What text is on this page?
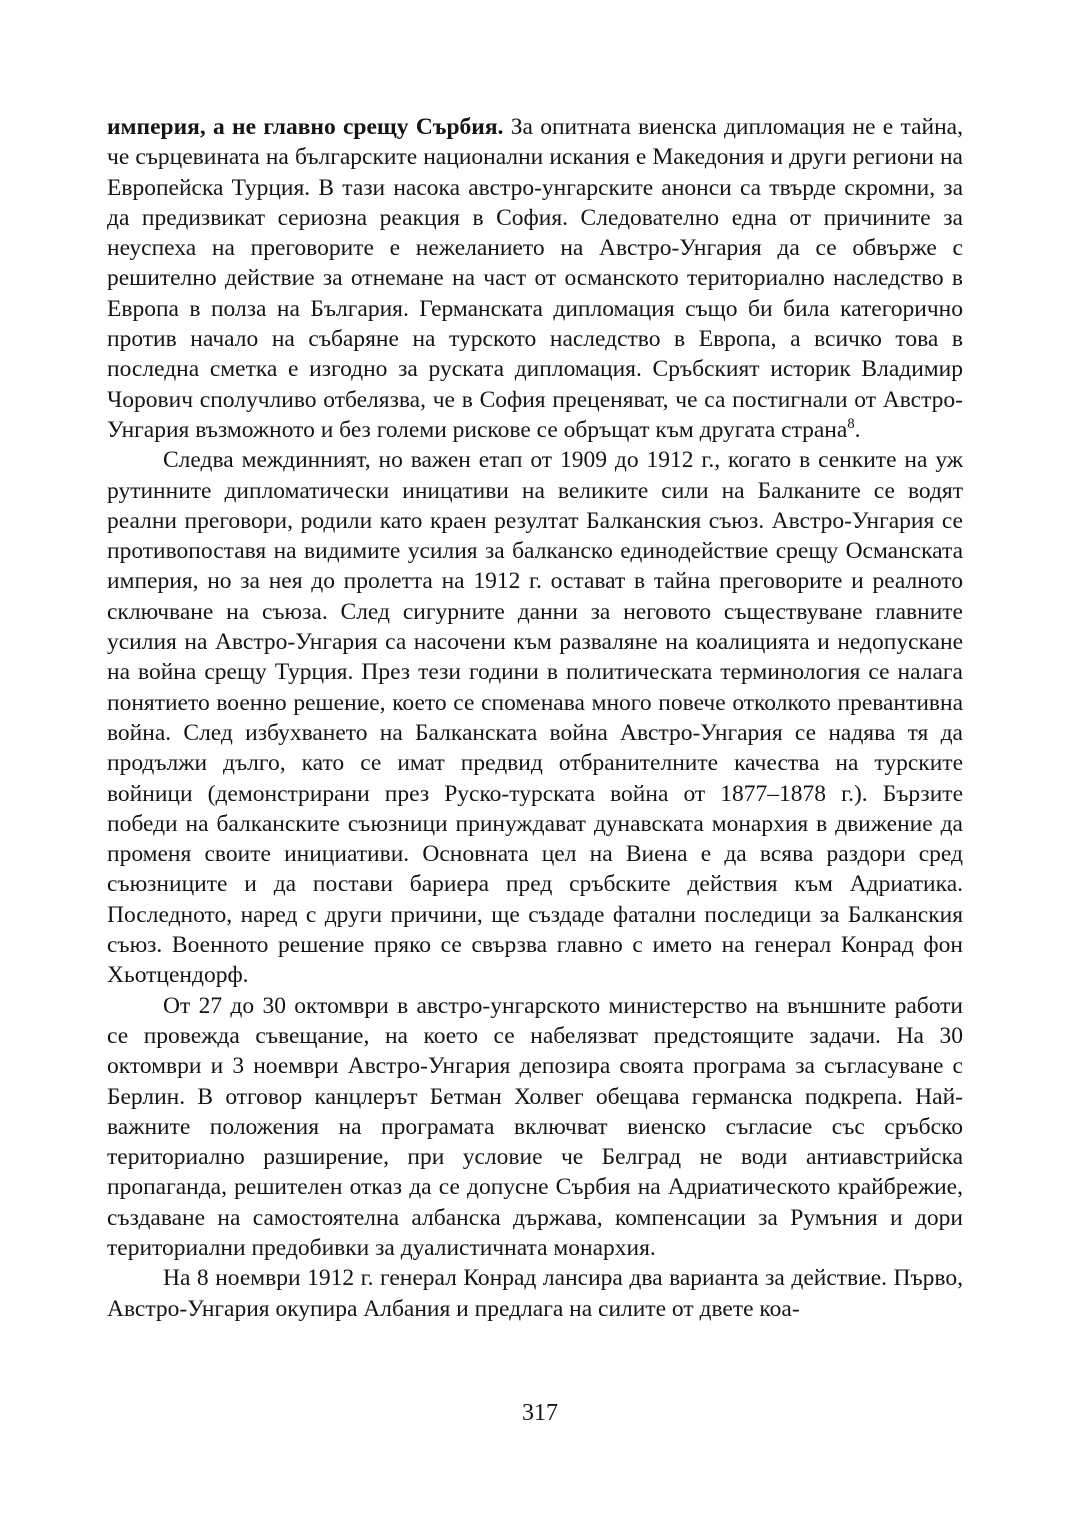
империя, а не главно срещу Сърбия. За опитната виенска дипломация не е тайна, че сърцевината на българските национални искания е Македония и други региони на Европейска Турция. В тази насока австро-унгарските анонси са твърде скромни, за да предизвикат сериозна реакция в София. Следователно една от причините за неуспеха на преговорите е нежеланието на Австро-Унгария да се обвърже с решително действие за отнемане на част от османското териториално наследство в Европа в полза на България. Германската дипломация също би била категорично против начало на събаряне на турското наследство в Европа, а всичко това в последна сметка е изгодно за руската дипломация. Сръбският историк Владимир Чорович сполучливо отбелязва, че в София преценяват, че са постигнали от Австро-Унгария възможното и без големи рискове се обръщат към другата страна$^8$.

Следва междинният, но важен етап от 1909 до 1912 г., когато в сенките на уж рутинните дипломатически иницативи на великите сили на Балканите се водят реални преговори, родили като краен резултат Балканския съюз. Австро-Унгария се противопоставя на видимите усилия за балканско единодействие срещу Османската империя, но за нея до пролетта на 1912 г. остават в тайна преговорите и реалното сключване на съюза. След сигурните данни за неговото съществуване главните усилия на Австро-Унгария са насочени към разваляне на коалицията и недопускане на война срещу Турция. През тези години в политическата терминология се налага понятието военно решение, което се споменава много повече отколкото превантивна война. След избухването на Балканската война Австро-Унгария се надява тя да продължи дълго, като се имат предвид отбранителните качества на турските войници (демонстрирани през Руско-турската война от 1877–1878 г.). Бързите победи на балканските съюзници принуждават дунавската монархия в движение да променя своите инициативи. Основната цел на Виена е да всява раздори сред съюзниците и да постави бариера пред сръбските действия към Адриатика. Последното, наред с други причини, ще създаде фатални последици за Балканския съюз. Военното решение пряко се свързва главно с името на генерал Конрад фон Хьотцендорф.

От 27 до 30 октомври в австро-унгарското министерство на външните работи се провежда съвещание, на което се набелязват предстоящите задачи. На 30 октомври и 3 ноември Австро-Унгария депозира своята програма за съгласуване с Берлин. В отговор канцлерът Бетман Холвег обещава германска подкрепа. Най-важните положения на програмата включват виенско съгласие със сръбско териториално разширение, при условие че Белград не води антиавстрийска пропаганда, решителен отказ да се допусне Сърбия на Адриатическото крайбрежие, създаване на самостоятелна албанска държава, компенсации за Румъния и дори териториални предобивки за дуалистичната монархия.

На 8 ноември 1912 г. генерал Конрад лансира два варианта за действие. Първо, Австро-Унгария окупира Албания и предлага на силите от двете коа-

317
